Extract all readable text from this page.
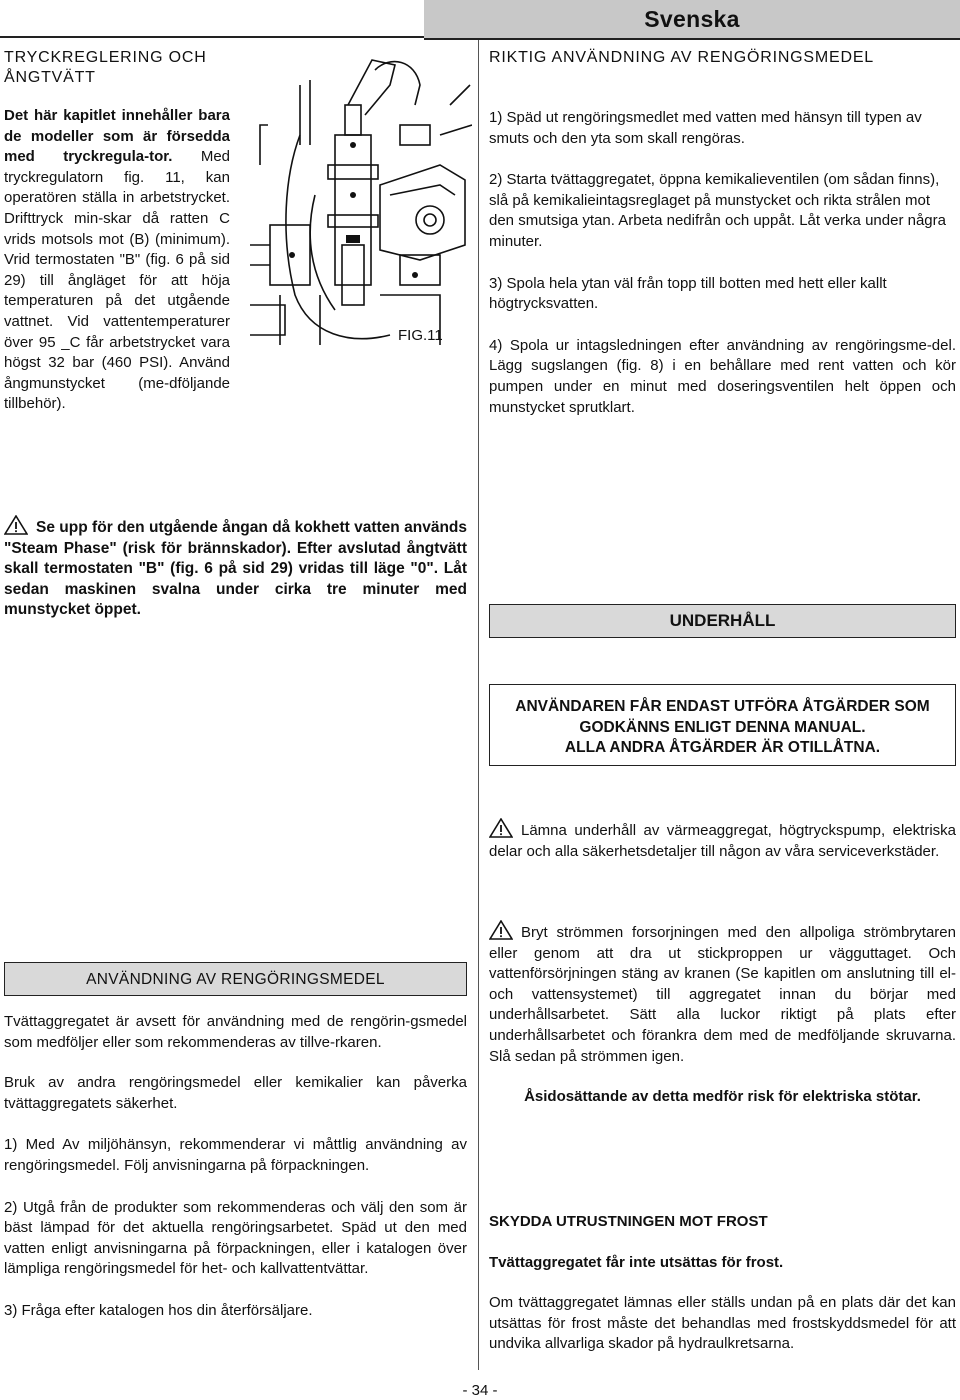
Svenska

TRYCKREGLERING OCH ÅNGTVÄTT

Det här kapitlet innehåller bara de modeller som är försedda med tryckregula-tor. Med tryckregulatorn fig. 11, kan operatören ställa in arbetstrycket. Drifttryck min-skar då ratten C vrids motsols mot (B) (minimum). Vrid termostaten "B" (fig. 6 på sid 29) till ångläget för att höja temperaturen på det utgående vattnet. Vid vattentemperaturer över 95 _C får arbetstrycket vara högst 32 bar (460 PSI). Använd ångmunstycket (me-dföljande tillbehör).

FIG.11

Se upp för den utgående ångan då kokhett vatten används "Steam Phase" (risk för brännskador). Efter avslutad ångtvätt skall termostaten "B" (fig. 6 på sid 29) vridas till läge "0". Låt sedan maskinen svalna under cirka tre minuter med munstycket öppet.

RIKTIG ANVÄNDNING AV RENGÖRINGSMEDEL

1) Späd ut rengöringsmedlet med vatten med hänsyn till typen av smuts och den yta som skall rengöras.

2) Starta tvättaggregatet, öppna kemikalieventilen (om sådan finns), slå på kemikalieintagsreglaget på munstycket och rikta strålen mot den smutsiga ytan. Arbeta nedifrån och uppåt. Låt verka under några minuter.

3) Spola hela ytan väl från topp till botten med hett eller kallt högtrycksvatten.

4) Spola ur intagsledningen efter användning av rengöringsme-del. Lägg sugslangen (fig. 8) i en behållare med rent vatten och kör pumpen under en minut med doseringsventilen helt öppen och munstycket sprutklart.

UNDERHÅLL
ANVÄNDAREN FÅR ENDAST UTFÖRA ÅTGÄRDER SOM
GODKÄNNS ENLIGT DENNA MANUAL.
ALLA ANDRA ÅTGÄRDER ÄR OTILLÅTNA.

Lämna underhåll av värmeaggregat, högtryckspump, elektriska delar och alla säkerhetsdetaljer till någon av våra serviceverkstäder.

Bryt strömmen forsorjningen med den allpoliga strömbrytaren eller genom att dra ut stickproppen ur vägguttaget. Och vattenförsörjningen stäng av kranen (Se kapitlen om anslutning till el- och vattensystemet) till aggregatet innan du börjar med underhållsarbetet. Sätt alla luckor riktigt på plats efter underhållsarbetet och förankra dem med de medföljande skruvarna. Slå sedan på strömmen igen.

Åsidosättande av detta medför risk för elektriska stötar.

ANVÄNDNING AV RENGÖRINGSMEDEL

Tvättaggregatet är avsett för användning med de rengörin-gsmedel som medföljer eller som rekommenderas av tillve-rkaren.

Bruk av andra rengöringsmedel eller kemikalier kan påverka tvättaggregatets säkerhet.

1) Med Av miljöhänsyn, rekommenderar vi måttlig användning av rengöringsmedel. Följ anvisningarna på förpackningen.

2) Utgå från de produkter som rekommenderas och välj den som är bäst lämpad för det aktuella rengöringsarbetet. Späd ut den med vatten enligt anvisningarna på förpackningen, eller i katalogen över lämpliga rengöringsmedel för het- och kallvattentvättar.

3) Fråga efter katalogen hos din återförsäljare.

SKYDDA UTRUSTNINGEN MOT FROST

Tvättaggregatet får inte utsättas för frost.

Om tvättaggregatet lämnas eller ställs undan på en plats där det kan utsättas för frost måste det behandlas med frostskyddsmedel för att undvika allvarliga skador på hydraulkretsarna.

- 34 -
